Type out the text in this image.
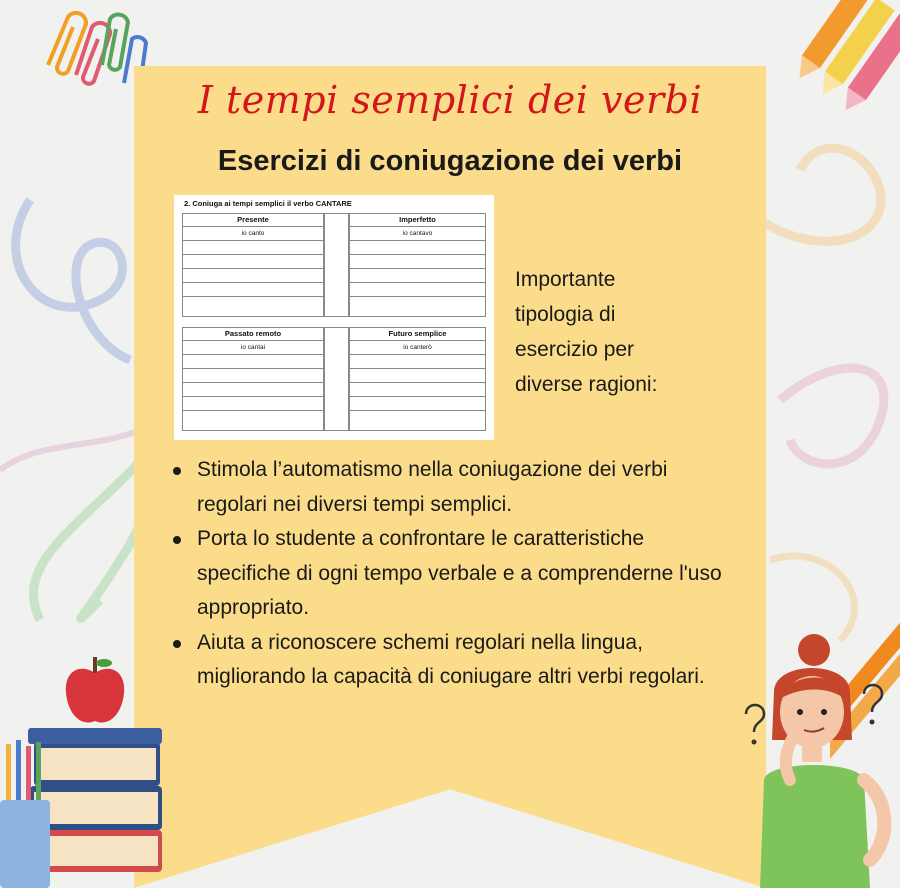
I tempi semplici dei verbi
Esercizi di coniugazione dei verbi
2. Coniuga ai tempi semplici il verbo CANTARE
Presente
io canto
Imperfetto
io cantavo
Passato remoto
io cantai
Futuro semplice
io canterò
Importante
tipologia di
esercizio per
diverse ragioni:
Stimola l’automatismo nella coniugazione dei verbi regolari nei diversi tempi semplici.
Porta lo studente a confrontare le caratteristiche specifiche di ogni tempo verbale e a comprenderne l'uso appropriato.
Aiuta a riconoscere schemi regolari nella lingua, migliorando la capacità di coniugare altri verbi regolari.
